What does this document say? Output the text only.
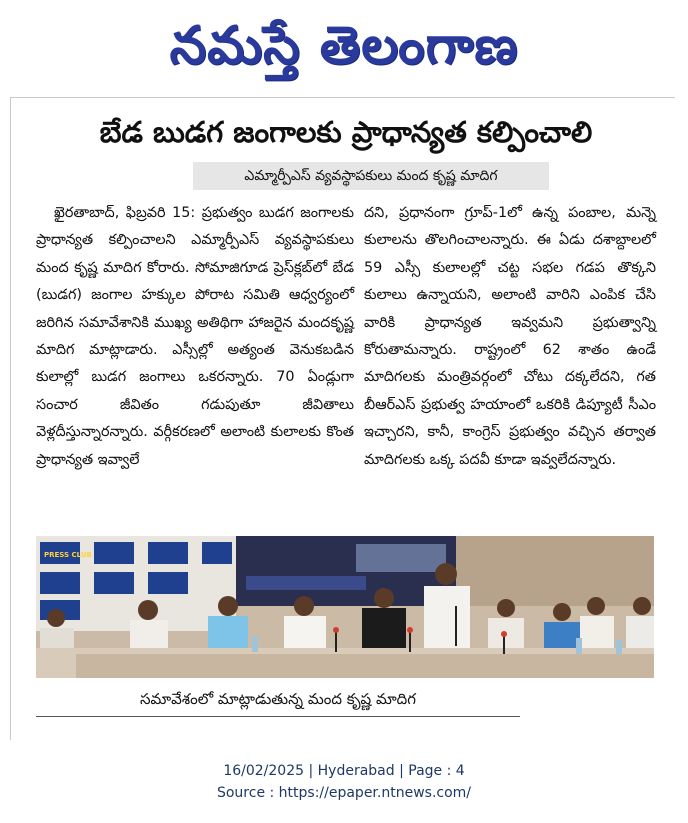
నమస్తే తెలంగాణ
బేడ బుడగ జంగాలకు ప్రాధాన్యత కల్పించాలి
ఎమ్మార్పీఎస్ వ్యవస్థాపకులు మంద కృష్ణ మాదిగ

ఖైరతాబాద్, ఫిబ్రవరి 15: ప్రభుత్వం బుడగ జంగాలకు ప్రాధాన్యత కల్పించాలని ఎమ్మార్పీఎస్ వ్యవస్థాపకులు మంద కృష్ణ మాదిగ కోరారు. సోమాజిగూడ ప్రెస్‌క్లబ్‌లో బేడ (బుడగ) జంగాల హక్కుల పోరాట సమితి ఆధ్వర్యంలో జరిగిన సమావేశానికి ముఖ్య అతిథిగా హాజరైన మందకృష్ణ మాదిగ మాట్లాడారు. ఎస్సీల్లో అత్యంత వెనుకబడిన కులాల్లో బుడగ జంగాలు ఒకరన్నారు. 70 ఏండ్లుగా సంచార జీవితం గడుపుతూ జీవితాలు వెళ్లదీస్తున్నారన్నారు. వర్గీకరణలో అలాంటి కులాలకు కొంత ప్రాధాన్యత ఇవ్వాలే

దని, ప్రధానంగా గ్రూప్-1లో ఉన్న పంబాల, మన్నె కులాలను తొలగించాలన్నారు. ఈ ఏడు దశాబ్దాలలో 59 ఎస్సీ కులాలల్లో చట్ట సభల గడప తొక్కని కులాలు ఉన్నాయని, అలాంటి వారిని ఎంపిక చేసి వారికి ప్రాధాన్యత ఇవ్వమని ప్రభుత్వాన్ని కోరుతామన్నారు. రాష్ట్రంలో 62 శాతం ఉండే మాదిగలకు మంత్రివర్గంలో చోటు దక్కలేదని, గత బీఆర్ఎస్ ప్రభుత్వ హయాంలో ఒకరికి డిప్యూటీ సీఎం ఇచ్చారని, కానీ, కాంగ్రెస్ ప్రభుత్వం వచ్చిన తర్వాత మాదిగలకు ఒక్క పదవీ కూడా ఇవ్వలేదన్నారు.

PRESS CLUB
సమావేశంలో మాట్లాడుతున్న మంద కృష్ణ మాదిగ
16/02/2025 | Hyderabad | Page : 4
Source : https://epaper.ntnews.com/
